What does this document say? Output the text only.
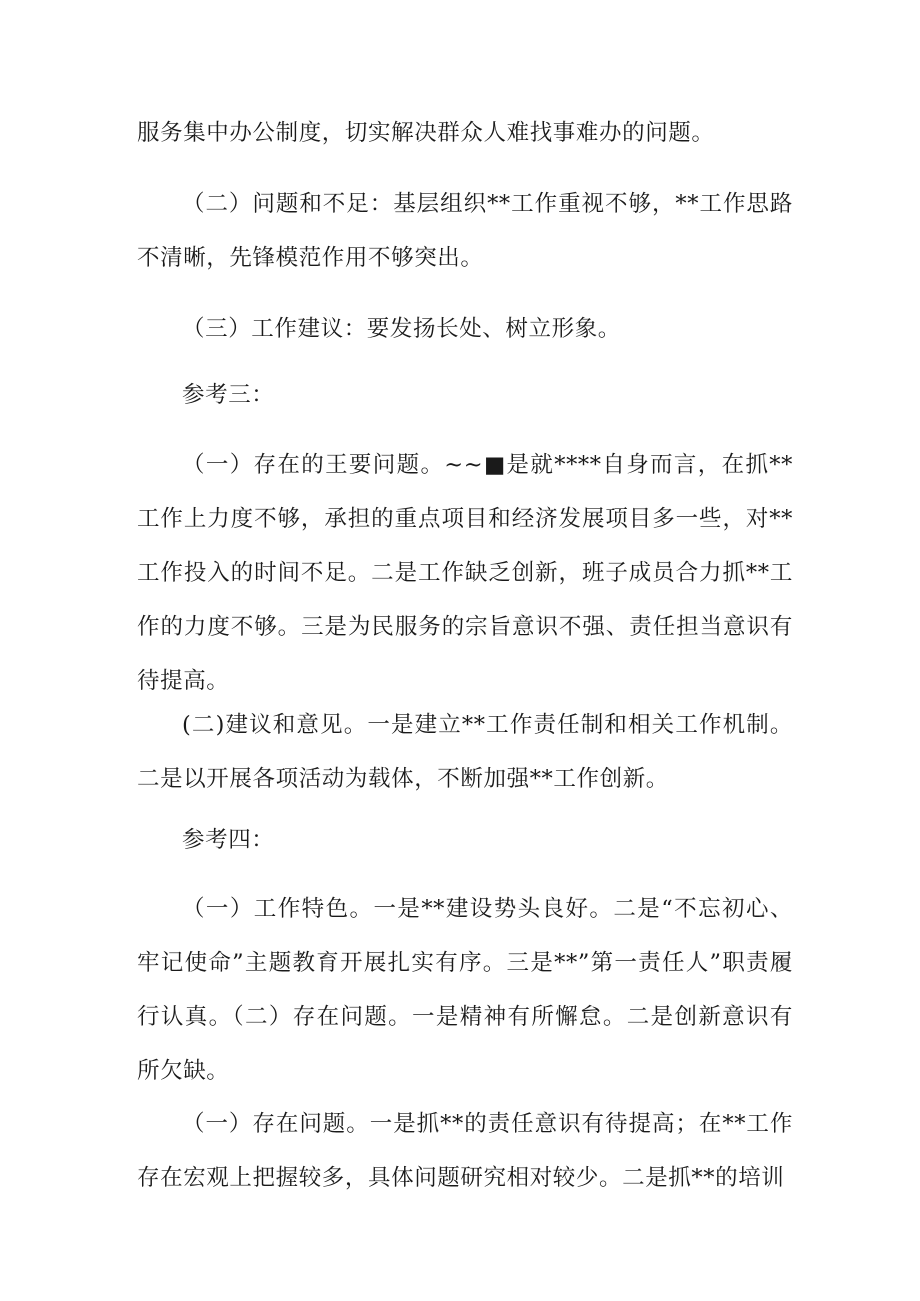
服务集中办公制度，切实解决群众人难找事难办的问题。

（二）问题和不足：基层组织**工作重视不够，**工作思路不清晰，先锋模范作用不够突出。

（三）工作建议：要发扬长处、树立形象。

参考三：

（一）存在的王要问题。~~■是就****自身而言，在抓**工作上力度不够，承担的重点项目和经济发展项目多一些，对**工作投入的时间不足。二是工作缺乏创新，班子成员合力抓**工作的力度不够。三是为民服务的宗旨意识不强、责任担当意识有待提高。

(二)建议和意见。一是建立**工作责任制和相关工作机制。二是以开展各项活动为载体，不断加强**工作创新。

参考四：

（一）工作特色。一是**建设势头良好。二是“不忘初心、牢记使命”主题教育开展扎实有序。三是**”第一责任人”职责履行认真。（二）存在问题。一是精神有所懈怠。二是创新意识有所欠缺。

（一）存在问题。一是抓**的责任意识有待提高；在**工作存在宏观上把握较多，具体问题研究相对较少。二是抓**的培训
